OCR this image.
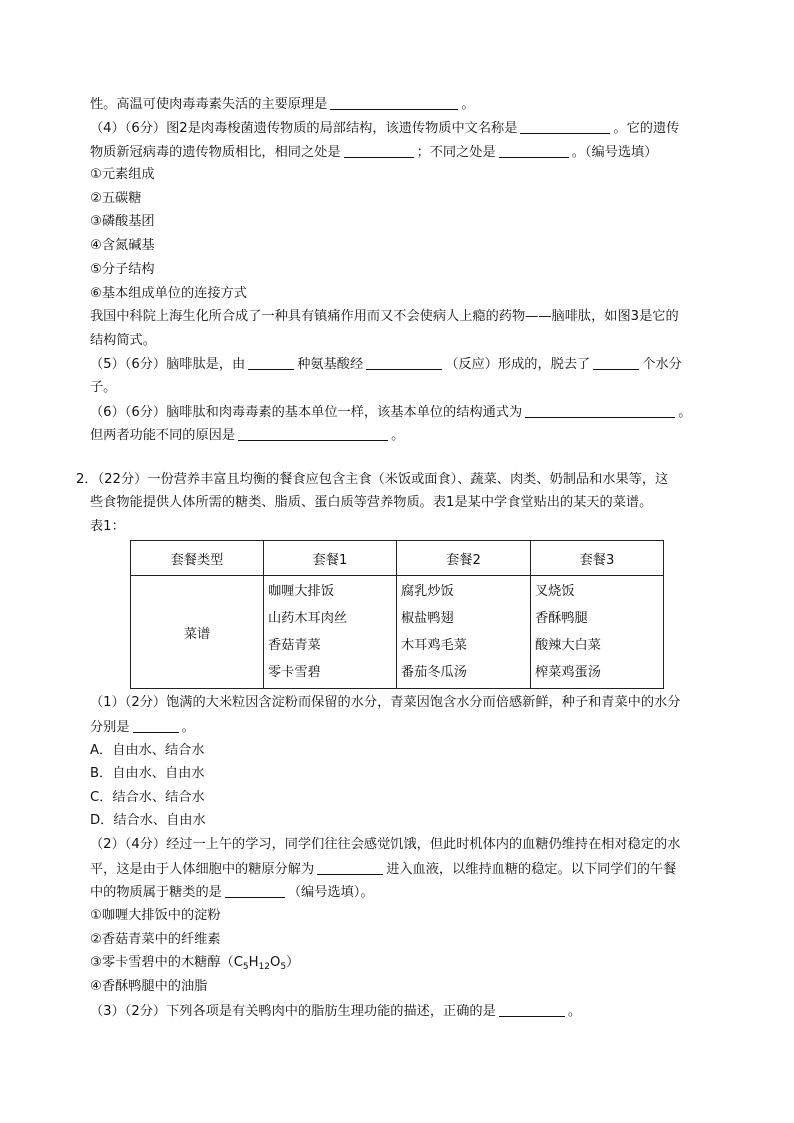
性。高温可使肉毒毒素失活的主要原理是	。
（4）（6分）图2是肉毒梭菌遗传物质的局部结构，该遗传物质中文名称是	。它的遗传
物质新冠病毒的遗传物质相比，相同之处是	；不同之处是	。（编号选填）
①元素组成
②五碳糖
③磷酸基团
④含氮碱基
⑤分子结构
⑥基本组成单位的连接方式
我国中科院上海生化所合成了一种具有镇痛作用而又不会使病人上瘾的药物——脑啡肽，如图3是它的
结构简式。
（5）（6分）脑啡肽是，由	种氨基酸经	（反应）形成的，脱去了	个水分
子。
（6）（6分）脑啡肽和肉毒毒素的基本单位一样，该基本单位的结构通式为	。
但两者功能不同的原因是	。
2．（22分）一份营养丰富且均衡的餐食应包含主食（米饭或面食）、蔬菜、肉类、奶制品和水果等，这
些食物能提供人体所需的糖类、脂质、蛋白质等营养物质。表1是某中学食堂贴出的某天的菜谱。
表1：
套餐类型	套餐1	套餐2	套餐3
菜谱	咖喱大排饭
山药木耳肉丝
香菇青菜
零卡雪碧	腐乳炒饭
椒盐鸭翅
木耳鸡毛菜
番茄冬瓜汤	叉烧饭
香酥鸭腿
酸辣大白菜
榨菜鸡蛋汤
（1）（2分）饱满的大米粒因含淀粉而保留的水分，青菜因饱含水分而倍感新鲜，种子和青菜中的水分
分别是	。
A．自由水、结合水
B．自由水、自由水
C．结合水、结合水
D．结合水、自由水
（2）（4分）经过一上午的学习，同学们往往会感觉饥饿，但此时机体内的血糖仍维持在相对稳定的水
平，这是由于人体细胞中的糖原分解为	进入血液，以维持血糖的稳定。以下同学们的午餐
中的物质属于糖类的是	（编号选填）。
①咖喱大排饭中的淀粉
②香菇青菜中的纤维素
③零卡雪碧中的木糖醇$(C_5H_{12}O_5)$
④香酥鸭腿中的油脂
（3）（2分）下列各项是有关鸭肉中的脂肪生理功能的描述，正确的是	。
